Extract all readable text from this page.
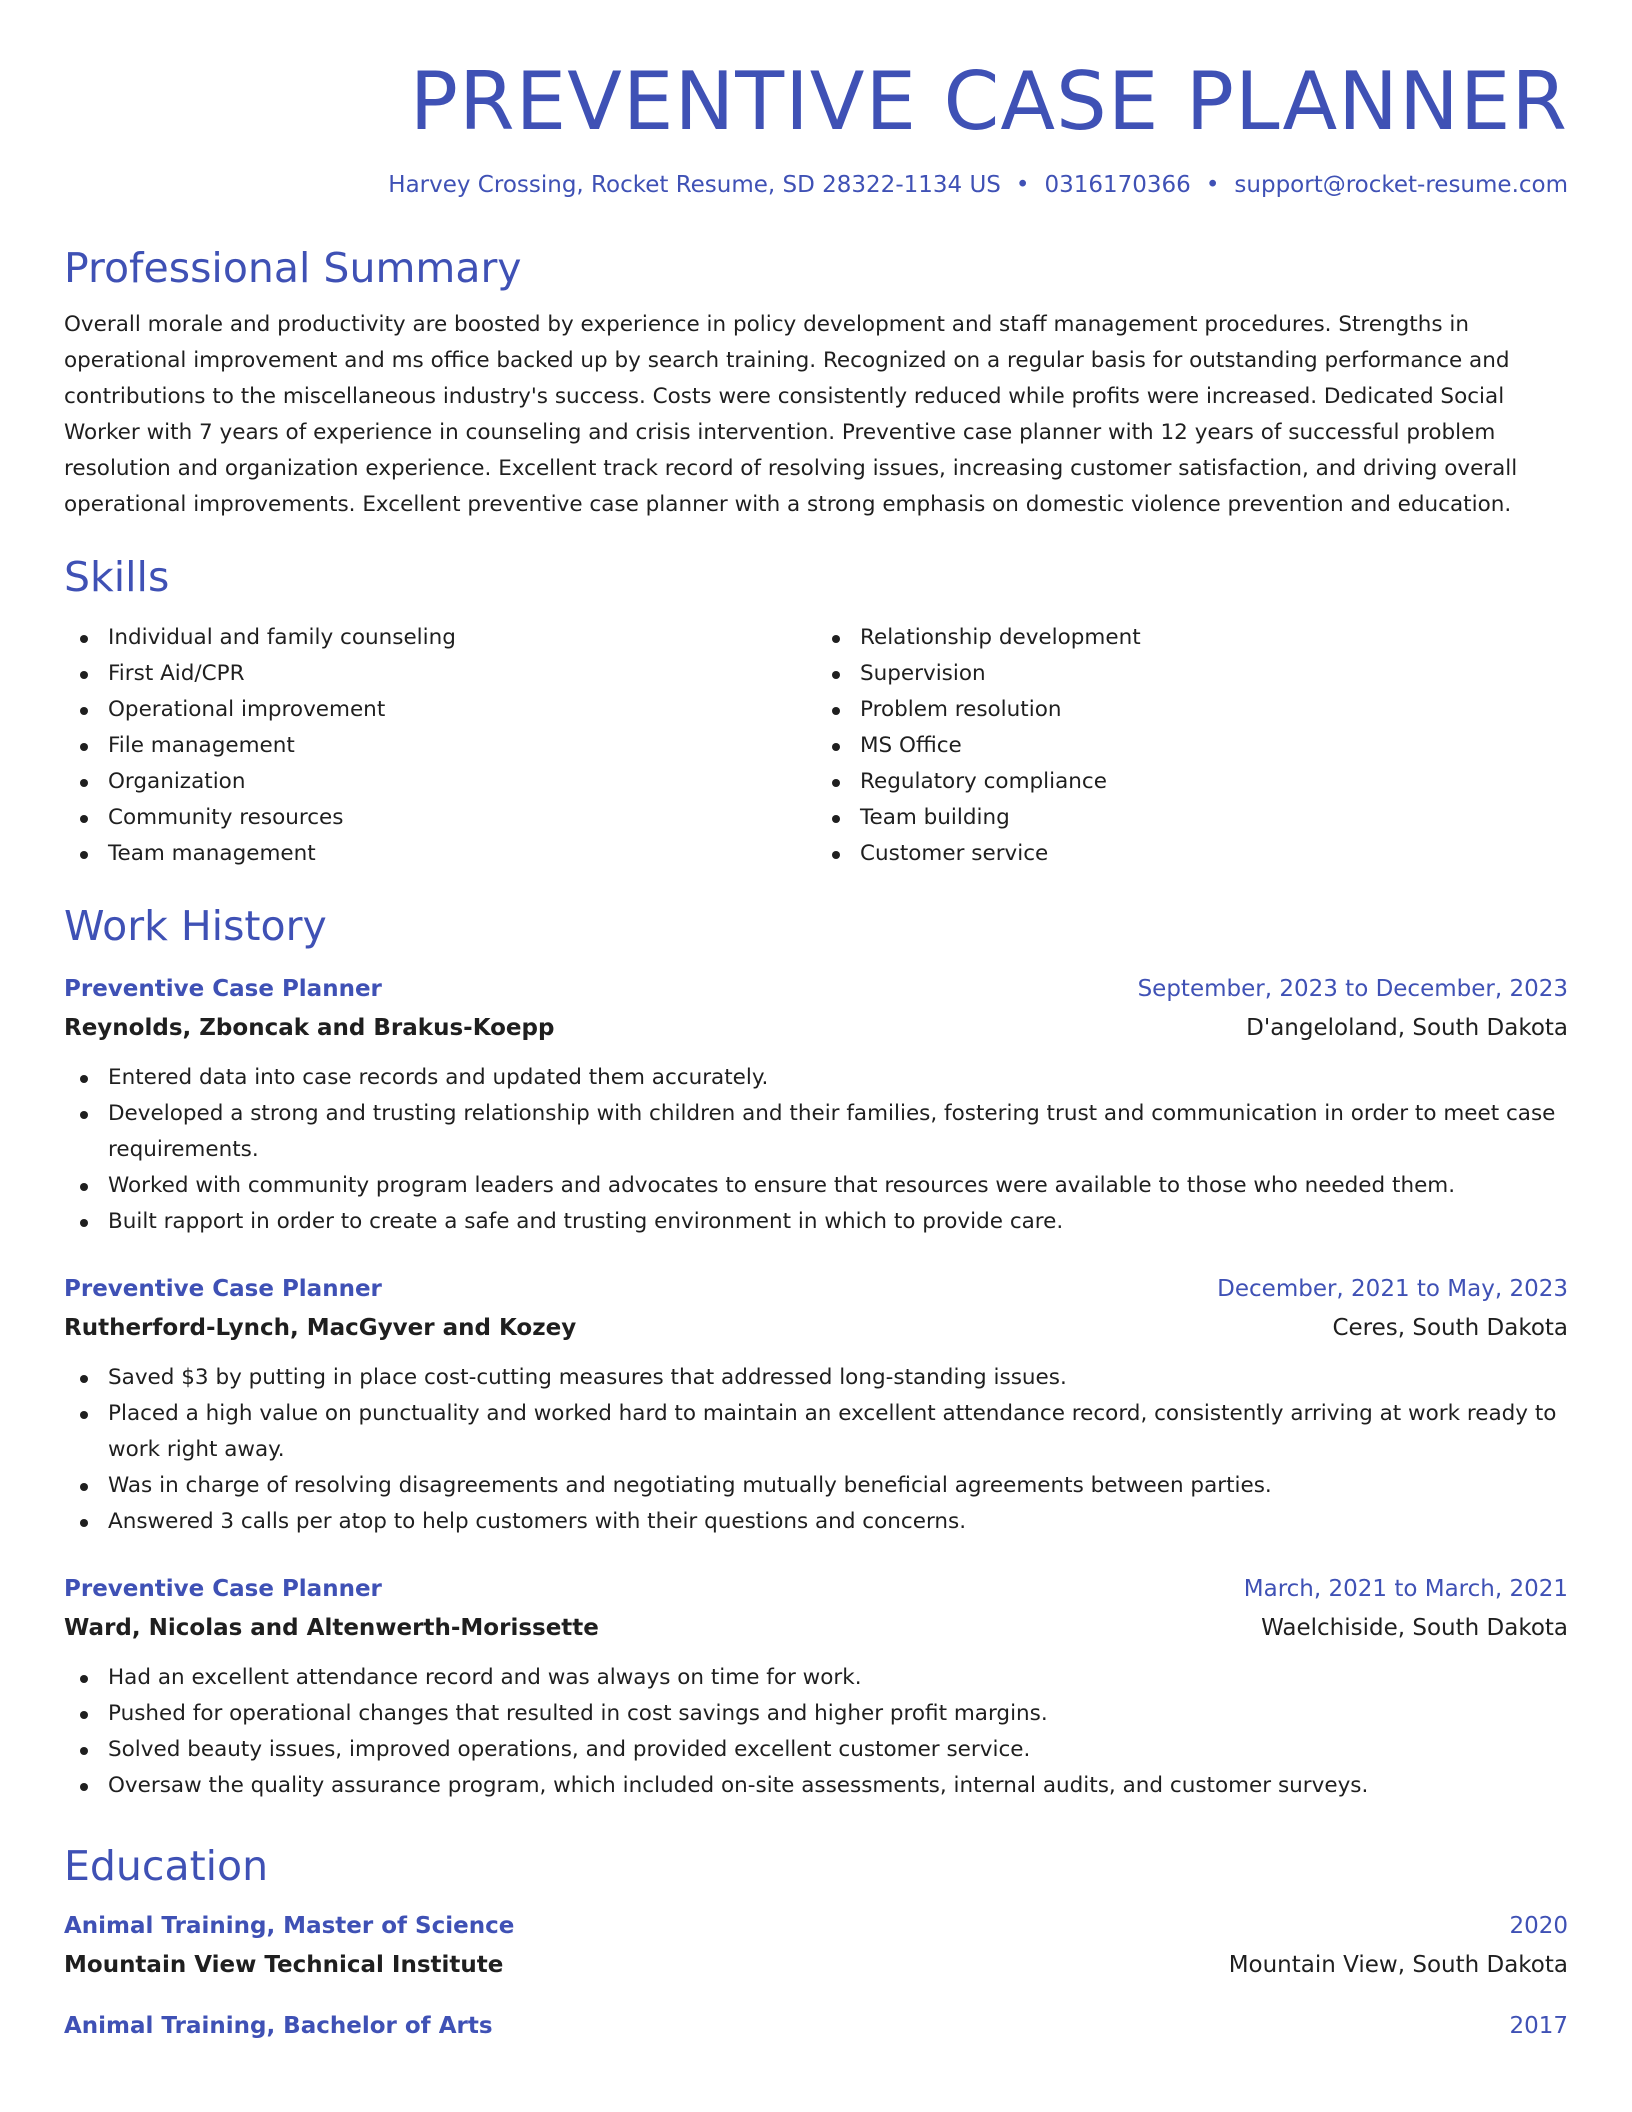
PREVENTIVE CASE PLANNER
Harvey Crossing, Rocket Resume, SD 28322-1134 US • 0316170366 • support@rocket-resume.com
Professional Summary

Overall morale and productivity are boosted by experience in policy development and staff management procedures. Strengths in operational improvement and ms office backed up by search training. Recognized on a regular basis for outstanding performance and contributions to the miscellaneous industry's success. Costs were consistently reduced while profits were increased. Dedicated Social Worker with 7 years of experience in counseling and crisis intervention. Preventive case planner with 12 years of successful problem resolution and organization experience. Excellent track record of resolving issues, increasing customer satisfaction, and driving overall operational improvements. Excellent preventive case planner with a strong emphasis on domestic violence prevention and education.

Skills
Individual and family counseling
First Aid/CPR
Operational improvement
File management
Organization
Community resources
Team management
Relationship development
Supervision
Problem resolution
MS Office
Regulatory compliance
Team building
Customer service
Work History
Preventive Case Planner	September, 2023 to December, 2023
Reynolds, Zboncak and Brakus-Koepp	D'angeloland, South Dakota
Entered data into case records and updated them accurately.
Developed a strong and trusting relationship with children and their families, fostering trust and communication in order to meet case requirements.
Worked with community program leaders and advocates to ensure that resources were available to those who needed them.
Built rapport in order to create a safe and trusting environment in which to provide care.
Preventive Case Planner	December, 2021 to May, 2023
Rutherford-Lynch, MacGyver and Kozey	Ceres, South Dakota
Saved $3 by putting in place cost-cutting measures that addressed long-standing issues.
Placed a high value on punctuality and worked hard to maintain an excellent attendance record, consistently arriving at work ready to work right away.
Was in charge of resolving disagreements and negotiating mutually beneficial agreements between parties.
Answered 3 calls per atop to help customers with their questions and concerns.
Preventive Case Planner	March, 2021 to March, 2021
Ward, Nicolas and Altenwerth-Morissette	Waelchiside, South Dakota
Had an excellent attendance record and was always on time for work.
Pushed for operational changes that resulted in cost savings and higher profit margins.
Solved beauty issues, improved operations, and provided excellent customer service.
Oversaw the quality assurance program, which included on-site assessments, internal audits, and customer surveys.
Education
Animal Training, Master of Science	2020
Mountain View Technical Institute	Mountain View, South Dakota
Animal Training, Bachelor of Arts	2017
